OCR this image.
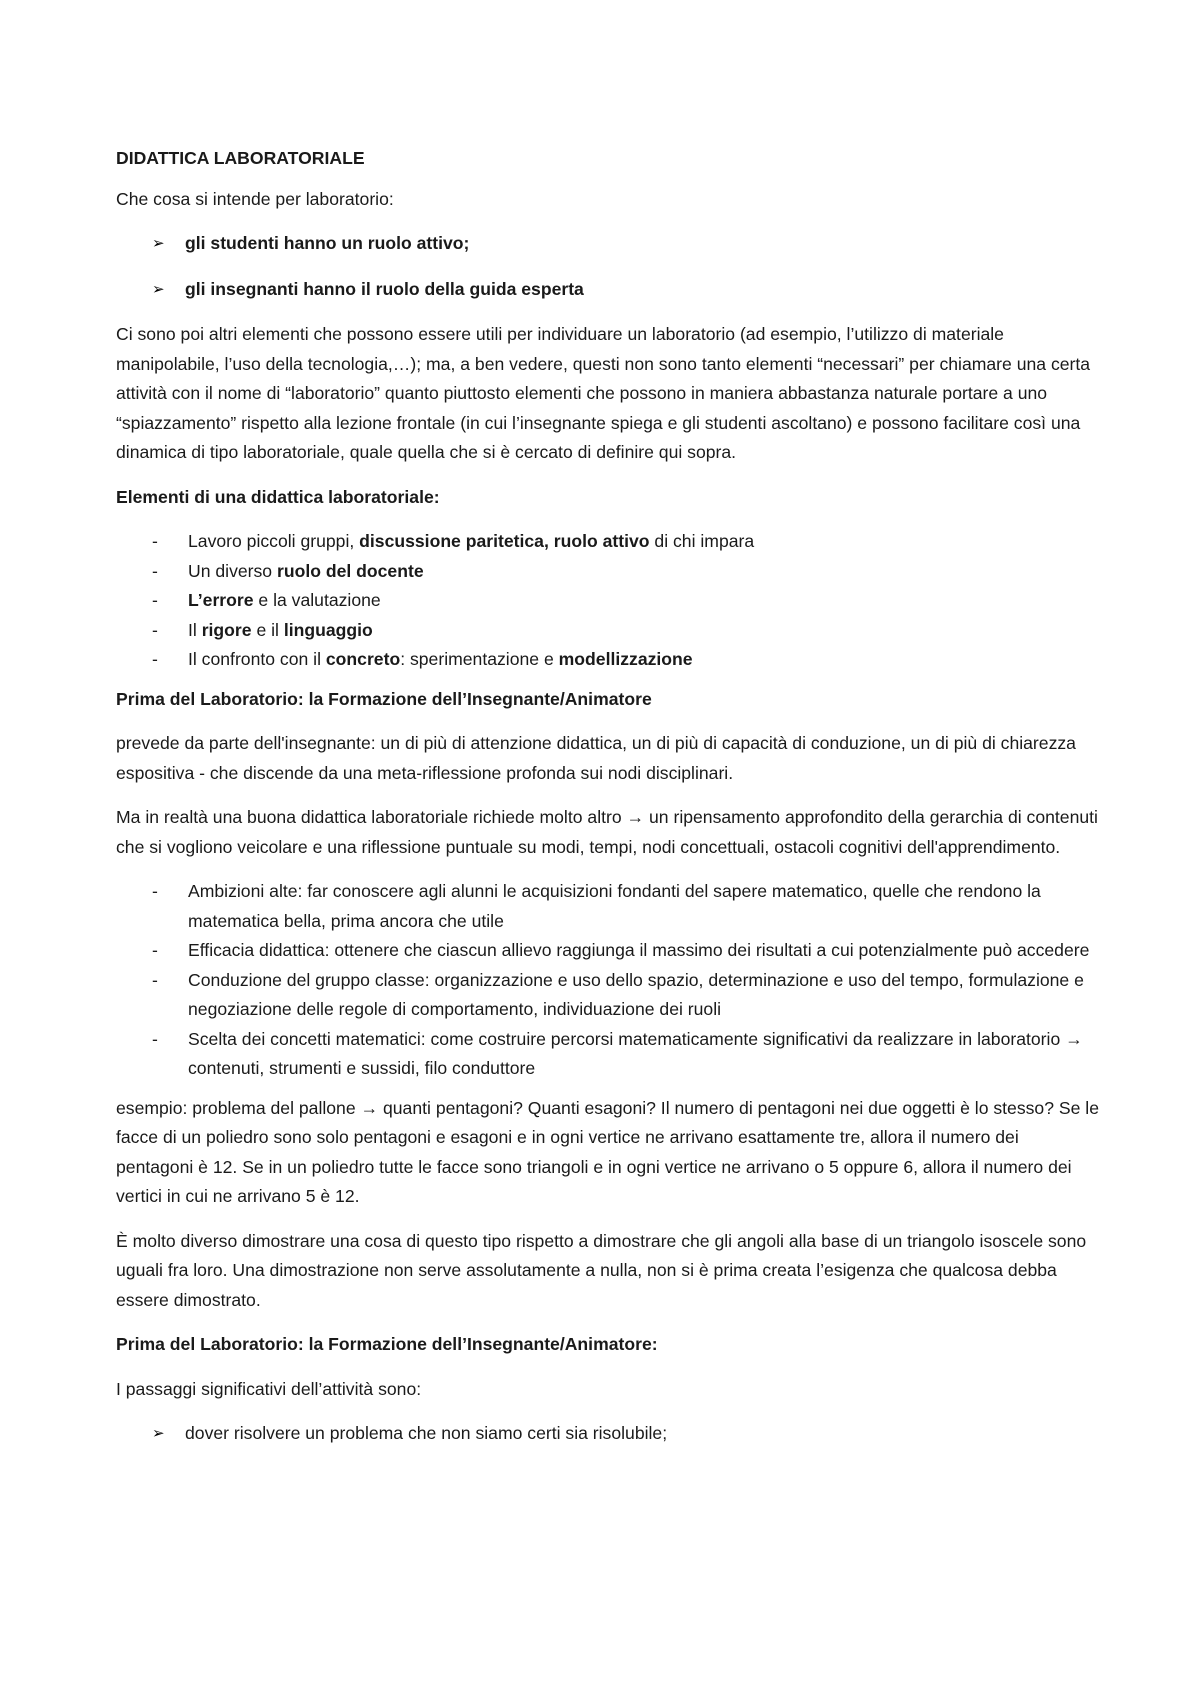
DIDATTICA LABORATORIALE

Che cosa si intende per laboratorio:

➢ gli studenti hanno un ruolo attivo;
➢ gli insegnanti hanno il ruolo della guida esperta

Ci sono poi altri elementi che possono essere utili per individuare un laboratorio (ad esempio, l’utilizzo di materiale manipolabile, l’uso della tecnologia,…); ma, a ben vedere, questi non sono tanto elementi “necessari” per chiamare una certa attività con il nome di “laboratorio” quanto piuttosto elementi che possono in maniera abbastanza naturale portare a uno “spiazzamento” rispetto alla lezione frontale (in cui l’insegnante spiega e gli studenti ascoltano) e possono facilitare così una dinamica di tipo laboratoriale, quale quella che si è cercato di definire qui sopra.

Elementi di una didattica laboratoriale:

- Lavoro piccoli gruppi, discussione paritetica, ruolo attivo di chi impara
- Un diverso ruolo del docente
- L’errore e la valutazione
- Il rigore e il linguaggio
- Il confronto con il concreto: sperimentazione e modellizzazione

Prima del Laboratorio: la Formazione dell’Insegnante/Animatore

prevede da parte dell'insegnante: un di più di attenzione didattica, un di più di capacità di conduzione, un di più di chiarezza espositiva - che discende da una meta-riflessione profonda sui nodi disciplinari.

Ma in realtà una buona didattica laboratoriale richiede molto altro → un ripensamento approfondito della gerarchia di contenuti che si vogliono veicolare e una riflessione puntuale su modi, tempi, nodi concettuali, ostacoli cognitivi dell'apprendimento.

- Ambizioni alte: far conoscere agli alunni le acquisizioni fondanti del sapere matematico, quelle che rendono la matematica bella, prima ancora che utile
- Efficacia didattica: ottenere che ciascun allievo raggiunga il massimo dei risultati a cui potenzialmente può accedere
- Conduzione del gruppo classe: organizzazione e uso dello spazio, determinazione e uso del tempo, formulazione e negoziazione delle regole di comportamento, individuazione dei ruoli
- Scelta dei concetti matematici: come costruire percorsi matematicamente significativi da realizzare in laboratorio → contenuti, strumenti e sussidi, filo conduttore

esempio: problema del pallone → quanti pentagoni? Quanti esagoni? Il numero di pentagoni nei due oggetti è lo stesso? Se le facce di un poliedro sono solo pentagoni e esagoni e in ogni vertice ne arrivano esattamente tre, allora il numero dei pentagoni è 12. Se in un poliedro tutte le facce sono triangoli e in ogni vertice ne arrivano o 5 oppure 6, allora il numero dei vertici in cui ne arrivano 5 è 12.

È molto diverso dimostrare una cosa di questo tipo rispetto a dimostrare che gli angoli alla base di un triangolo isoscele sono uguali fra loro. Una dimostrazione non serve assolutamente a nulla, non si è prima creata l’esigenza che qualcosa debba essere dimostrato.

Prima del Laboratorio: la Formazione dell’Insegnante/Animatore:

I passaggi significativi dell’attività sono:

➢ dover risolvere un problema che non siamo certi sia risolubile;
